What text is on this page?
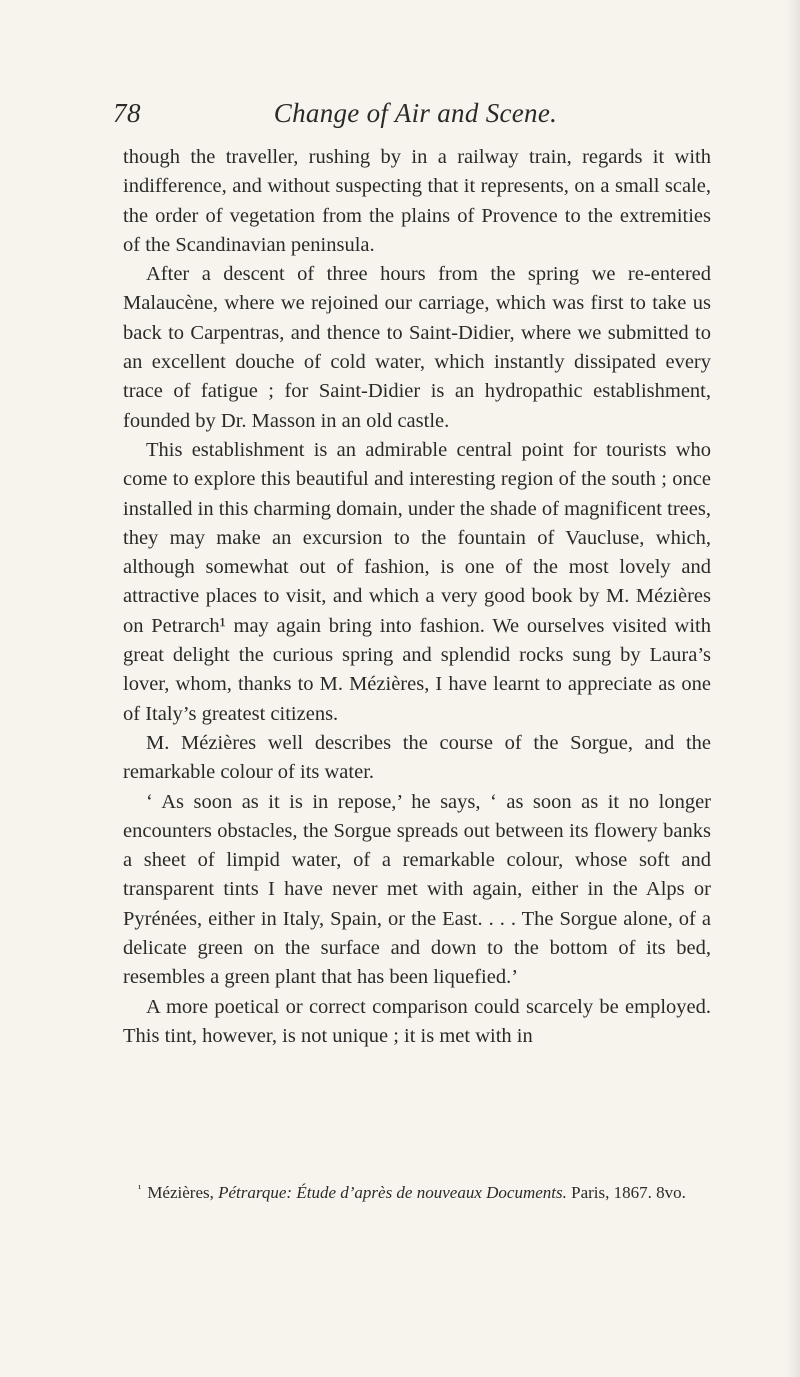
78	Change of Air and Scene.

though the traveller, rushing by in a railway train, regards it with indifference, and without suspecting that it represents, on a small scale, the order of vegetation from the plains of Provence to the extremities of the Scandinavian peninsula.

After a descent of three hours from the spring we re-entered Malaucène, where we rejoined our carriage, which was first to take us back to Carpentras, and thence to Saint-Didier, where we submitted to an excellent douche of cold water, which instantly dissipated every trace of fatigue ; for Saint-Didier is an hydropathic establishment, founded by Dr. Masson in an old castle.

This establishment is an admirable central point for tourists who come to explore this beautiful and interesting region of the south ; once installed in this charming domain, under the shade of magnificent trees, they may make an excursion to the fountain of Vaucluse, which, although somewhat out of fashion, is one of the most lovely and attractive places to visit, and which a very good book by M. Mézières on Petrarch¹ may again bring into fashion. We ourselves visited with great delight the curious spring and splendid rocks sung by Laura’s lover, whom, thanks to M. Mézières, I have learnt to appreciate as one of Italy’s greatest citizens.

M. Mézières well describes the course of the Sorgue, and the remarkable colour of its water.

‘ As soon as it is in repose,’ he says, ‘ as soon as it no longer encounters obstacles, the Sorgue spreads out between its flowery banks a sheet of limpid water, of a remarkable colour, whose soft and transparent tints I have never met with again, either in the Alps or Pyrénées, either in Italy, Spain, or the East. . . . The Sorgue alone, of a delicate green on the surface and down to the bottom of its bed, resembles a green plant that has been liquefied.’

A more poetical or correct comparison could scarcely be employed. This tint, however, is not unique ; it is met with in

$^{^1}$ Mézières, Pétrarque: Étude d’après de nouveaux Documents. Paris, 1867. 8vo.
